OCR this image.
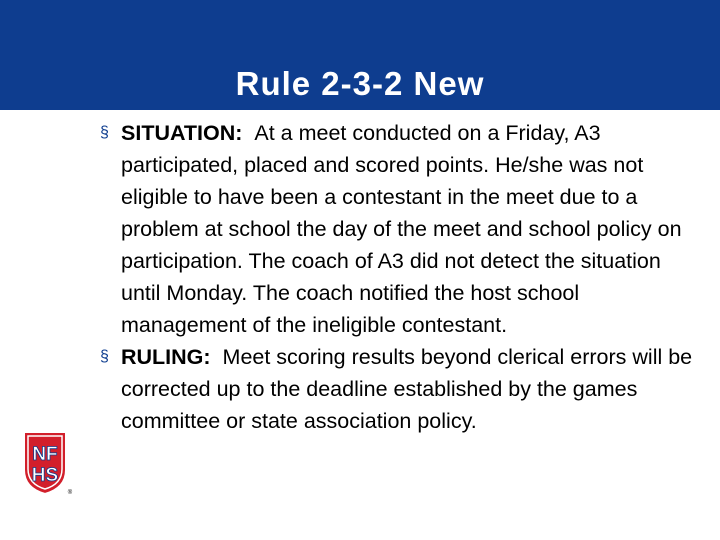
Rule 2-3-2 New
§ SITUATION: At a meet conducted on a Friday, A3 participated, placed and scored points. He/she was not eligible to have been a contestant in the meet due to a problem at school the day of the meet and school policy on participation. The coach of A3 did not detect the situation until Monday. The coach notified the host school management of the ineligible contestant.
§ RULING: Meet scoring results beyond clerical errors will be corrected up to the deadline established by the games committee or state association policy.
NF
HS
®
